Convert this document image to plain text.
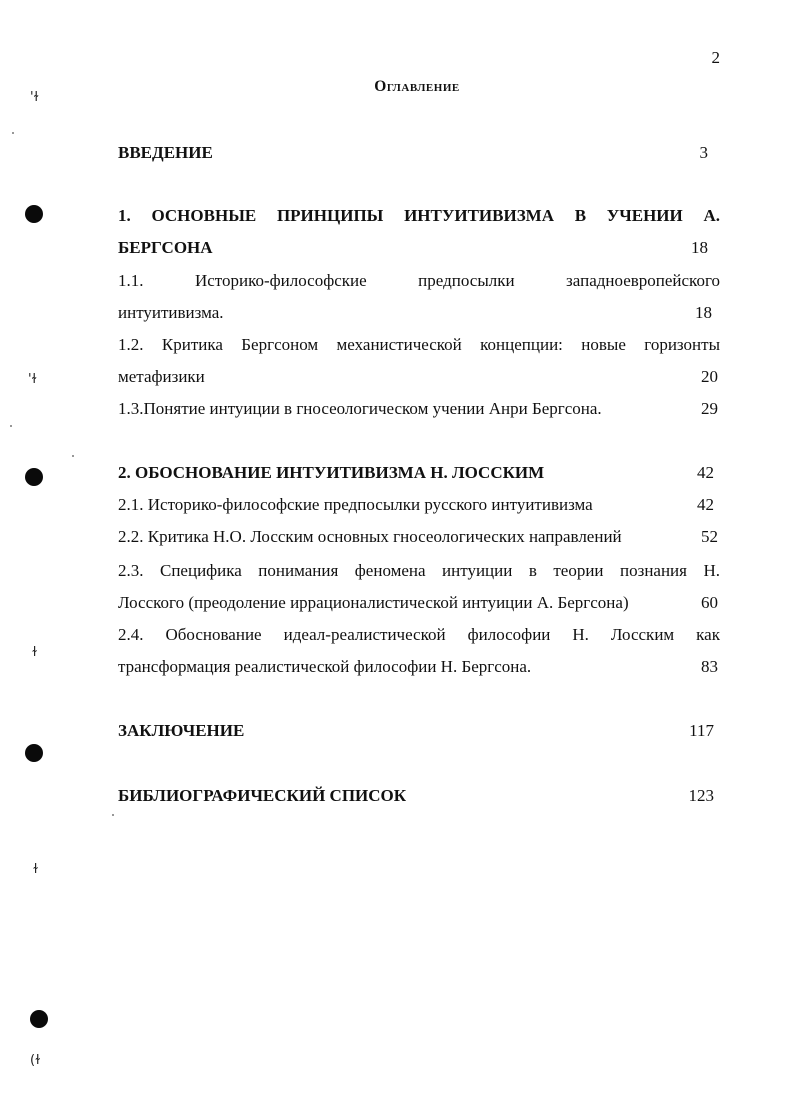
2
Оглавление
ВВЕДЕНИЕ	3
1. ОСНОВНЫЕ ПРИНЦИПЫ ИНТУИТИВИЗМА В УЧЕНИИ А.
БЕРГСОНА	18
1.1. Историко-философские предпосылки западноевропейского
интуитивизма.	18
1.2. Критика Бергсоном механистической концепции: новые горизонты
метафизики	20
1.3.Понятие интуиции в гносеологическом учении Анри Бергсона.	29
2. ОБОСНОВАНИЕ ИНТУИТИВИЗМА Н. ЛОССКИМ	42
2.1. Историко-философские предпосылки русского интуитивизма	42
2.2. Критика Н.О. Лосским основных гносеологических направлений	52
2.3. Специфика понимания феномена интуиции в теории познания Н.
Лосского (преодоление иррационалистической интуиции А. Бергсона)	60
2.4. Обоснование идеал-реалистической философии Н. Лосским как
трансформация реалистической философии Н. Бергсона.	83
ЗАКЛЮЧЕНИЕ	117
БИБЛИОГРАФИЧЕСКИЙ СПИСОК	123
'ɫ
'ɫ
ɫ
ɫ
(ɫ
